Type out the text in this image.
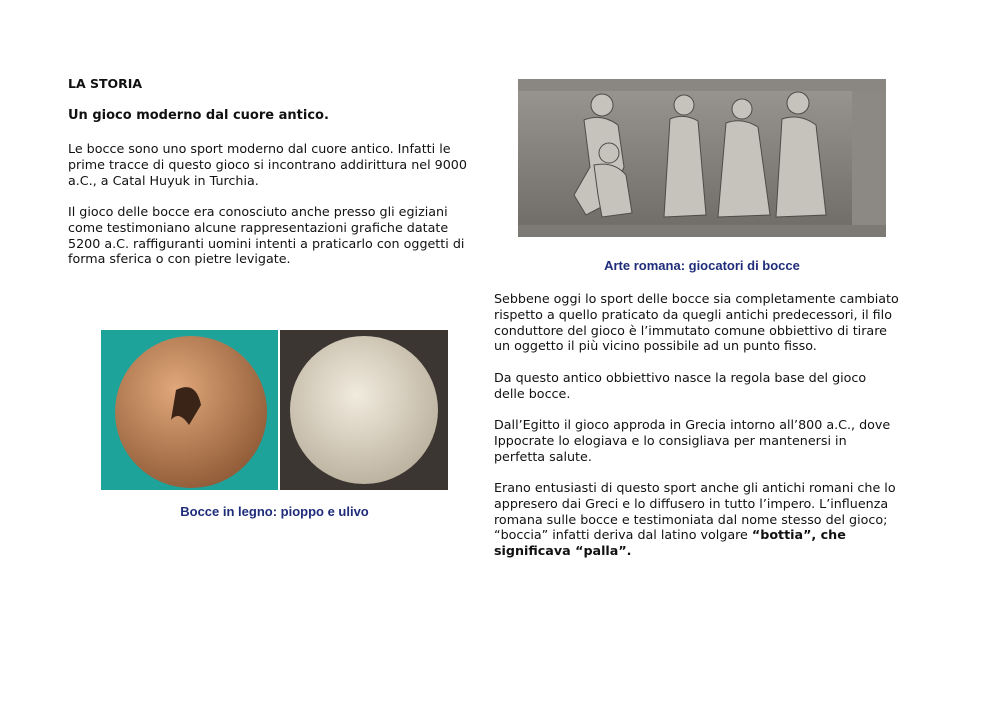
LA STORIA
Un gioco moderno dal cuore antico.
Le bocce sono uno sport moderno dal cuore antico. Infatti le
prime tracce di questo gioco si incontrano addirittura nel 9000
a.C., a Catal Huyuk in Turchia.
Il gioco delle bocce era conosciuto anche presso gli egiziani
come testimoniano alcune rappresentazioni grafiche datate
5200 a.C. raffiguranti uomini intenti a praticarlo con oggetti di
forma sferica o con pietre levigate.	Arte romana: giocatori di bocce
Bocce in legno: pioppo e ulivo
Sebbene oggi lo sport delle bocce sia completamente cambiato
rispetto a quello praticato da quegli antichi predecessori, il filo
conduttore del gioco è l’immutato comune obbiettivo di tirare
un oggetto il più vicino possibile ad un punto fisso.
Da questo antico obbiettivo nasce la regola base del gioco
delle bocce.
Dall’Egitto il gioco approda in Grecia intorno all’800 a.C., dove
Ippocrate lo elogiava e lo consigliava per mantenersi in
perfetta salute.
Erano entusiasti di questo sport anche gli antichi romani che lo
appresero dai Greci e lo diffusero in tutto l’impero. L’influenza
romana sulle bocce e testimoniata dal nome stesso del gioco;
“boccia” infatti deriva dal latino volgare “bottia”, che
significava “palla”.
